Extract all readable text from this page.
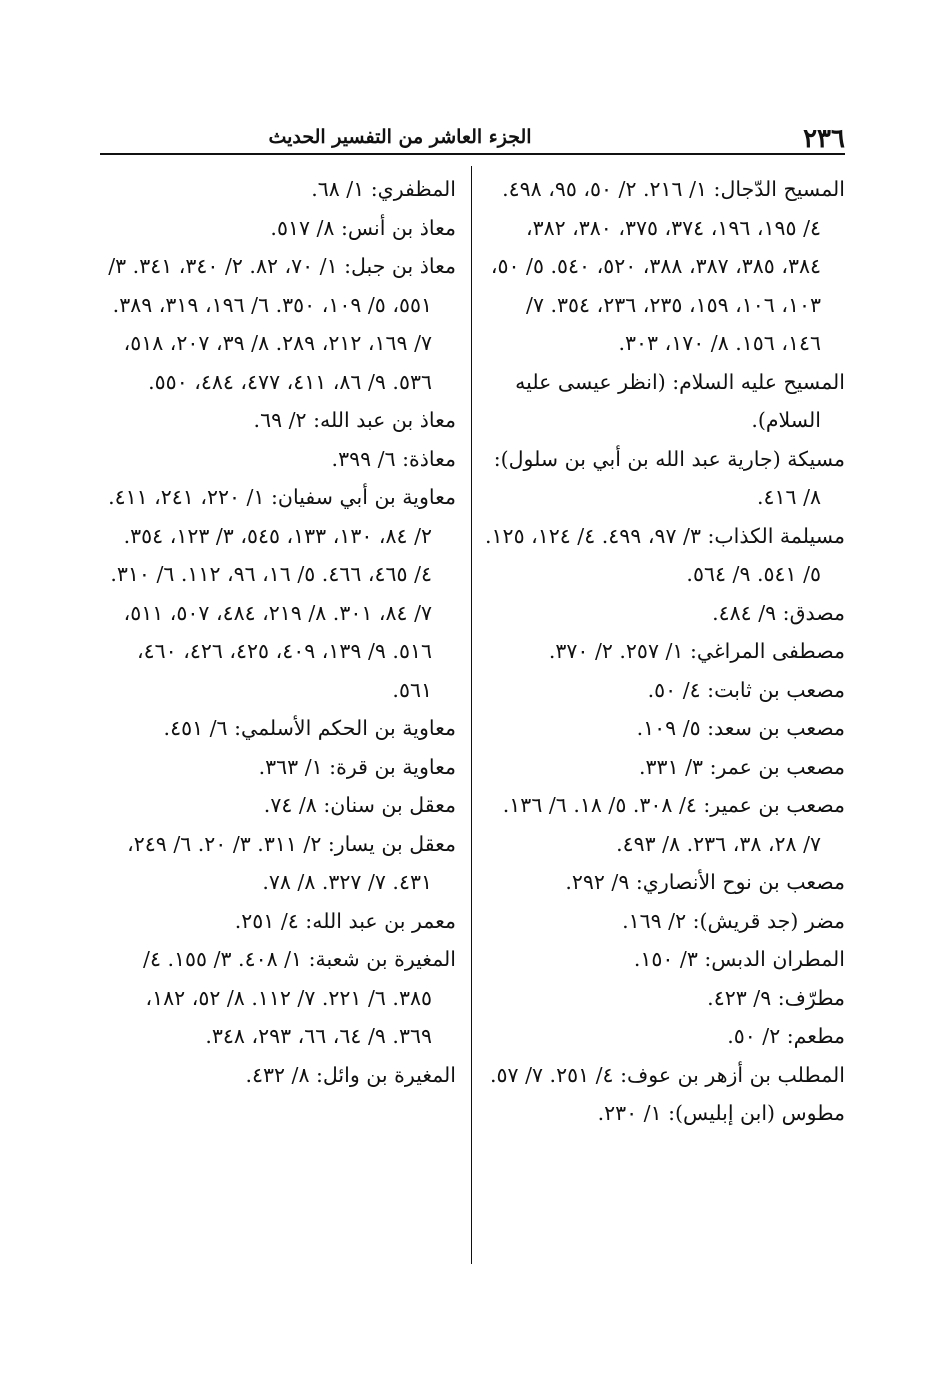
٢٣٦
الجزء العاشر من التفسير الحديث

المسيح الدّجال: ١/ ٢١٦. ٢/ ٥٠، ٩٥، ٤٩٨. ٤/ ١٩٥، ١٩٦، ٣٧٤، ٣٧٥، ٣٨٠، ٣٨٢، ٣٨٤، ٣٨٥، ٣٨٧، ٣٨٨، ٥٢٠، ٥٤٠. ٥/ ٥٠، ١٠٣، ١٠٦، ١٥٩، ٢٣٥، ٢٣٦، ٣٥٤. ٧/ ١٤٦، ١٥٦. ٨/ ١٧٠، ٣٠٣.

المسيح عليه السلام: (انظر عيسى عليه السلام).

مسيكة (جارية عبد الله بن أبي بن سلول): ٨/ ٤١٦.

مسيلمة الكذاب: ٣/ ٩٧، ٤٩٩. ٤/ ١٢٤، ١٢٥. ٥/ ٥٤١. ٩/ ٥٦٤.

مصدق: ٩/ ٤٨٤.

مصطفى المراغي: ١/ ٢٥٧. ٢/ ٣٧٠.

مصعب بن ثابت: ٤/ ٥٠.

مصعب بن سعد: ٥/ ١٠٩.

مصعب بن عمر: ٣/ ٣٣١.

مصعب بن عمير: ٤/ ٣٠٨. ٥/ ١٨. ٦/ ١٣٦. ٧/ ٢٨، ٣٨، ٢٣٦. ٨/ ٤٩٣.

مصعب بن نوح الأنصاري: ٩/ ٢٩٢.

مضر (جد قريش): ٢/ ١٦٩.

المطران الدبس: ٣/ ١٥٠.

مطرّف: ٩/ ٤٢٣.

مطعم: ٢/ ٥٠.

المطلب بن أزهر بن عوف: ٤/ ٢٥١. ٧/ ٥٧.

مطوس (ابن إبليس): ١/ ٢٣٠.

المظفري: ١/ ٦٨.

معاذ بن أنس: ٨/ ٥١٧.

معاذ بن جبل: ١/ ٧٠، ٨٢. ٢/ ٣٤٠، ٣٤١. ٣/ ٥٥١، ٥/ ١٠٩، ٣٥٠. ٦/ ١٩٦، ٣١٩، ٣٨٩. ٧/ ١٦٩، ٢١٢، ٢٨٩. ٨/ ٣٩، ٢٠٧، ٥١٨، ٥٣٦. ٩/ ٨٦، ٤١١، ٤٧٧، ٤٨٤، ٥٥٠.

معاذ بن عبد الله: ٢/ ٦٩.

معاذة: ٦/ ٣٩٩.

معاوية بن أبي سفيان: ١/ ٢٢٠، ٢٤١، ٤١١. ٢/ ٨٤، ١٣٠، ١٣٣، ٥٤٥، ٣/ ١٢٣، ٣٥٤. ٤/ ٤٦٥، ٤٦٦. ٥/ ١٦، ٩٦، ١١٢. ٦/ ٣١٠. ٧/ ٨٤، ٣٠١. ٨/ ٢١٩، ٤٨٤، ٥٠٧، ٥١١، ٥١٦. ٩/ ١٣٩، ٤٠٩، ٤٢٥، ٤٢٦، ٤٦٠، ٥٦١.

معاوية بن الحكم الأسلمي: ٦/ ٤٥١.

معاوية بن قرة: ١/ ٣٦٣.

معقل بن سنان: ٨/ ٧٤.

معقل بن يسار: ٢/ ٣١١. ٣/ ٢٠. ٦/ ٢٤٩، ٤٣١. ٧/ ٣٢٧. ٨/ ٧٨.

معمر بن عبد الله: ٤/ ٢٥١.

المغيرة بن شعبة: ١/ ٤٠٨. ٣/ ١٥٥. ٤/ ٣٨٥. ٦/ ٢٢١. ٧/ ١١٢. ٨/ ٥٢، ١٨٢، ٣٦٩. ٩/ ٦٤، ٦٦، ٢٩٣، ٣٤٨.

المغيرة بن وائل: ٨/ ٤٣٢.
